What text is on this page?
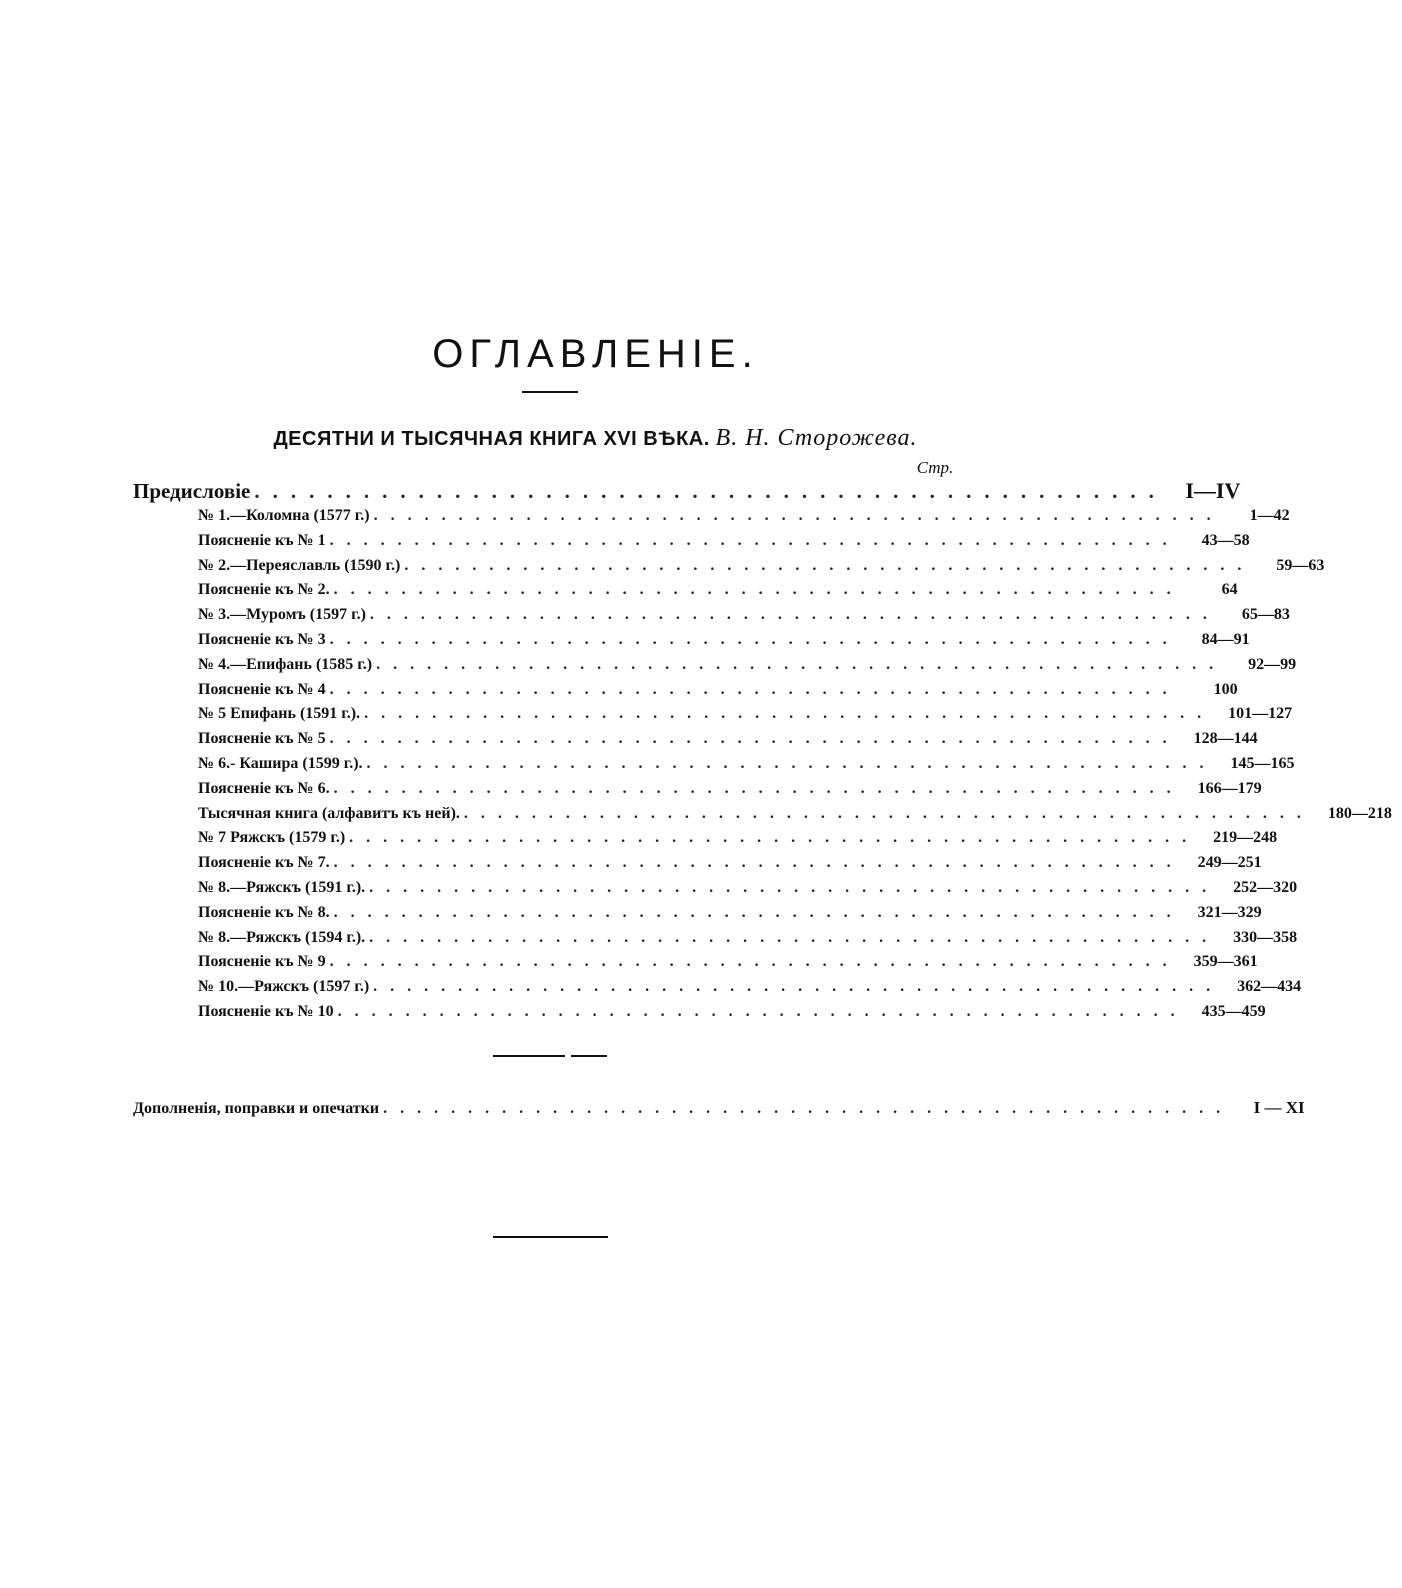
ОГЛАВЛЕНІЕ.
ДЕСЯТНИ И ТЫСЯЧНАЯ КНИГА XVI ВѢКА. В. Н. Сторожева.
Стр.
Предисловіе .................................................. I—IV
№ 1.—Коломна (1577 г.) ..................................................	1—42
Поясненіе къ № 1 ..................................................	43—58
№ 2.—Переяславль (1590 г.) ..................................................	59—63
Поясненіе къ № 2. ..................................................	64
№ 3.—Муромъ (1597 г.) ..................................................	65—83
Поясненіе къ № 3 ..................................................	84—91
№ 4.—Епифань (1585 г.) ..................................................	92—99
Поясненіе къ № 4 ..................................................	100
№ 5 Епифань (1591 г.). .................................................. 101—127
Поясненіе къ № 5 .................................................. 128—144
№ 6.- Кашира (1599 г.). .................................................. 145—165
Поясненіе къ № 6. .................................................. 166—179
Тысячная книга (алфавитъ къ ней). .................................................. 180—218
№ 7 Ряжскъ (1579 г.) .................................................. 219—248
Поясненіе къ № 7. .................................................. 249—251
№ 8.—Ряжскъ (1591 г.). .................................................. 252—320
Поясненіе къ № 8. .................................................. 321—329
№ 8.—Ряжскъ (1594 г.). .................................................. 330—358
Поясненіе къ № 9 .................................................. 359—361
№ 10.—Ряжскъ (1597 г.) .................................................. 362—434
Поясненіе къ № 10 .................................................. 435—459
Дополненія, поправки и опечатки ..................................................	I — XI
